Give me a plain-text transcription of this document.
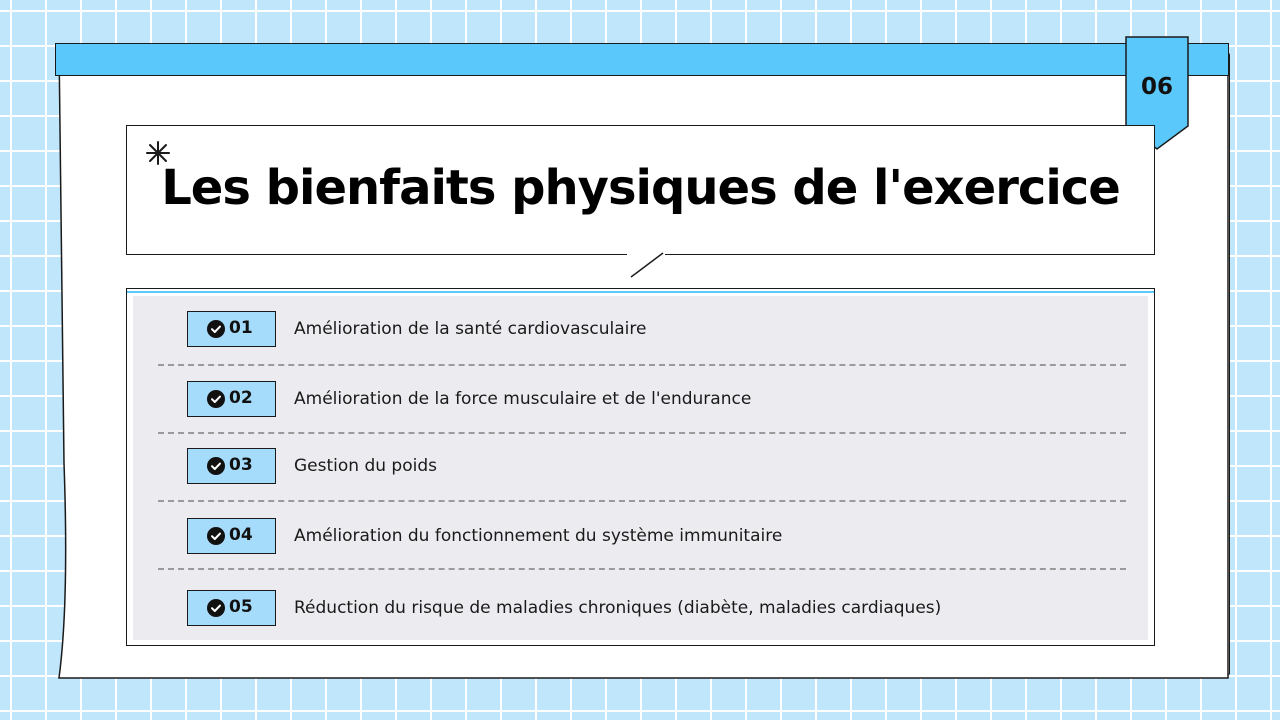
06
Les bienfaits physiques de l'exercice
01 Amélioration de la santé cardiovasculaire
02 Amélioration de la force musculaire et de l'endurance
03 Gestion du poids
04 Amélioration du fonctionnement du système immunitaire
05 Réduction du risque de maladies chroniques (diabète, maladies cardiaques)
